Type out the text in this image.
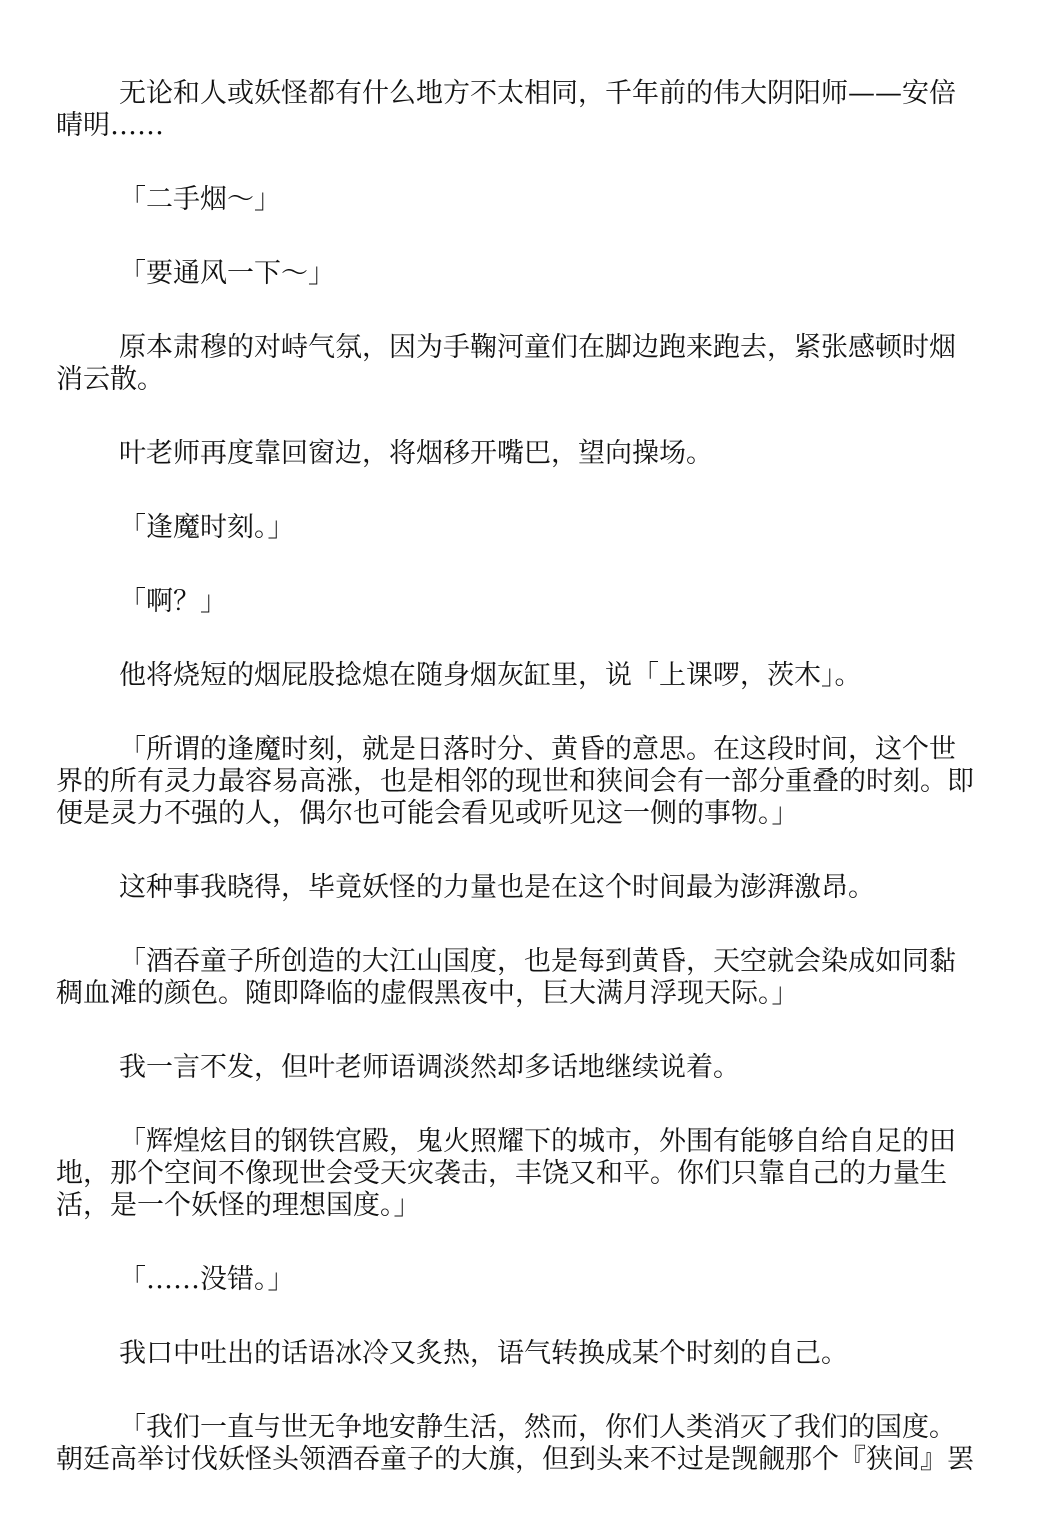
无论和人或妖怪都有什么地方不太相同，千年前的伟大阴阳师——安倍晴明……

「二手烟～」

「要通风一下～」

原本肃穆的对峙气氛，因为手鞠河童们在脚边跑来跑去，紧张感顿时烟消云散。

叶老师再度靠回窗边，将烟移开嘴巴，望向操场。

「逢魔时刻。」

「啊？」

他将烧短的烟屁股捻熄在随身烟灰缸里，说「上课啰，茨木」。

「所谓的逢魔时刻，就是日落时分、黄昏的意思。在这段时间，这个世界的所有灵力最容易高涨，也是相邻的现世和狭间会有一部分重叠的时刻。即便是灵力不强的人，偶尔也可能会看见或听见这一侧的事物。」

这种事我晓得，毕竟妖怪的力量也是在这个时间最为澎湃激昂。

「酒吞童子所创造的大江山国度，也是每到黄昏，天空就会染成如同黏稠血滩的颜色。随即降临的虚假黑夜中，巨大满月浮现天际。」

我一言不发，但叶老师语调淡然却多话地继续说着。

「辉煌炫目的钢铁宫殿，鬼火照耀下的城市，外围有能够自给自足的田地，那个空间不像现世会受天灾袭击，丰饶又和平。你们只靠自己的力量生活，是一个妖怪的理想国度。」

「……没错。」

我口中吐出的话语冰冷又炙热，语气转换成某个时刻的自己。

「我们一直与世无争地安静生活，然而，你们人类消灭了我们的国度。朝廷高举讨伐妖怪头领酒吞童子的大旗，但到头来不过是觊觎那个『狭间』罢
